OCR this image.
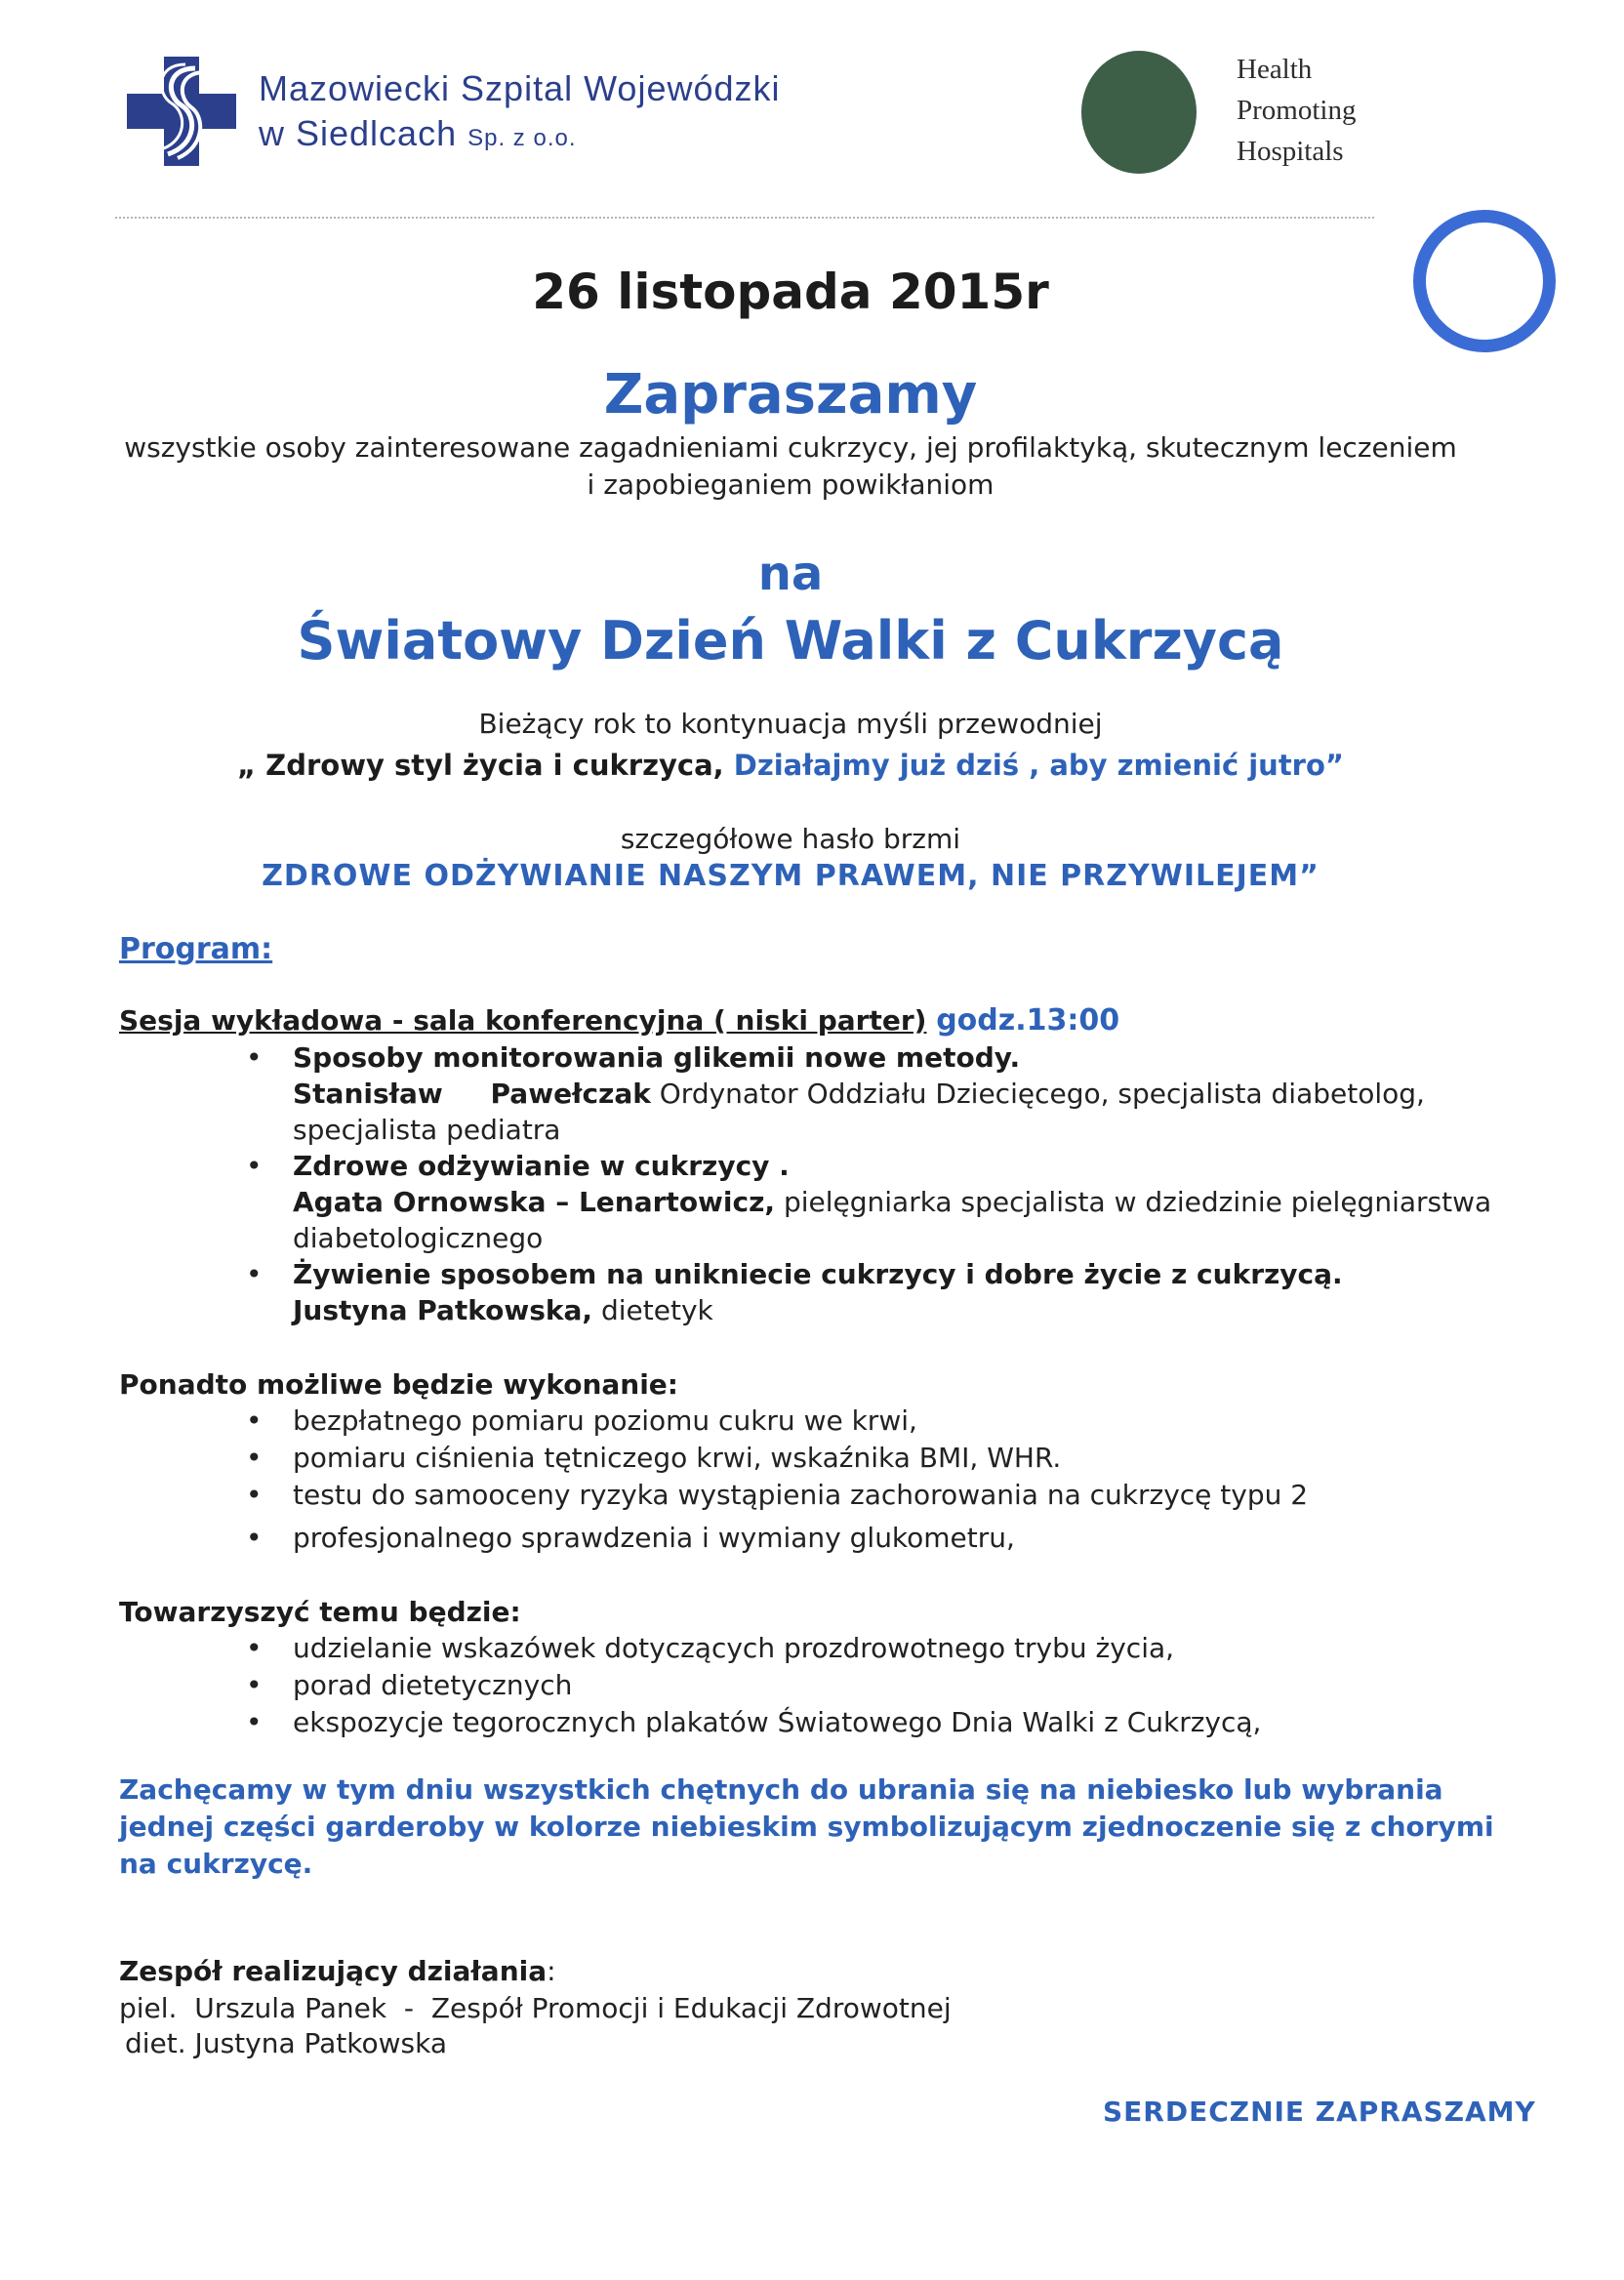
Mazowiecki Szpital Wojewódzki
w Siedlcach Sp. z o.o.
Health
Promoting
Hospitals
26 listopada 2015r
Zapraszamy
wszystkie osoby zainteresowane zagadnieniami cukrzycy, jej profilaktyką, skutecznym leczeniem
i zapobieganiem powikłaniom
na
Światowy Dzień Walki z Cukrzycą
Bieżący rok to kontynuacja myśli przewodniej
„ Zdrowy styl życia i cukrzyca, Działajmy już dziś , aby zmienić jutro”
szczegółowe hasło brzmi
ZDROWE ODŻYWIANIE NASZYM PRAWEM, NIE PRZYWILEJEM”
Program:
Sesja wykładowa - sala konferencyjna ( niski parter) godz.13:00
• Sposoby monitorowania glikemii nowe metody.
Stanisław     Pawełczak Ordynator Oddziału Dziecięcego, specjalista diabetolog,
specjalista pediatra
• Zdrowe odżywianie w cukrzycy .
Agata Ornowska – Lenartowicz, pielęgniarka specjalista w dziedzinie pielęgniarstwa
diabetologicznego
• Żywienie sposobem na unikniecie cukrzycy i dobre życie z cukrzycą.
Justyna Patkowska, dietetyk
Ponadto możliwe będzie wykonanie:
• bezpłatnego pomiaru poziomu cukru we krwi,
• pomiaru ciśnienia tętniczego krwi, wskaźnika BMI, WHR.
• testu do samooceny ryzyka wystąpienia zachorowania na cukrzycę typu 2
• profesjonalnego sprawdzenia i wymiany glukometru,
Towarzyszyć temu będzie:
• udzielanie wskazówek dotyczących prozdrowotnego trybu życia,
• porad dietetycznych
• ekspozycje tegorocznych plakatów Światowego Dnia Walki z Cukrzycą,
Zachęcamy w tym dniu wszystkich chętnych do ubrania się na niebiesko lub wybrania
jednej części garderoby w kolorze niebieskim symbolizującym zjednoczenie się z chorymi
na cukrzycę.
Zespół realizujący działania:
piel.  Urszula Panek  -  Zespół Promocji i Edukacji Zdrowotnej
diet. Justyna Patkowska
SERDECZNIE ZAPRASZAMY
